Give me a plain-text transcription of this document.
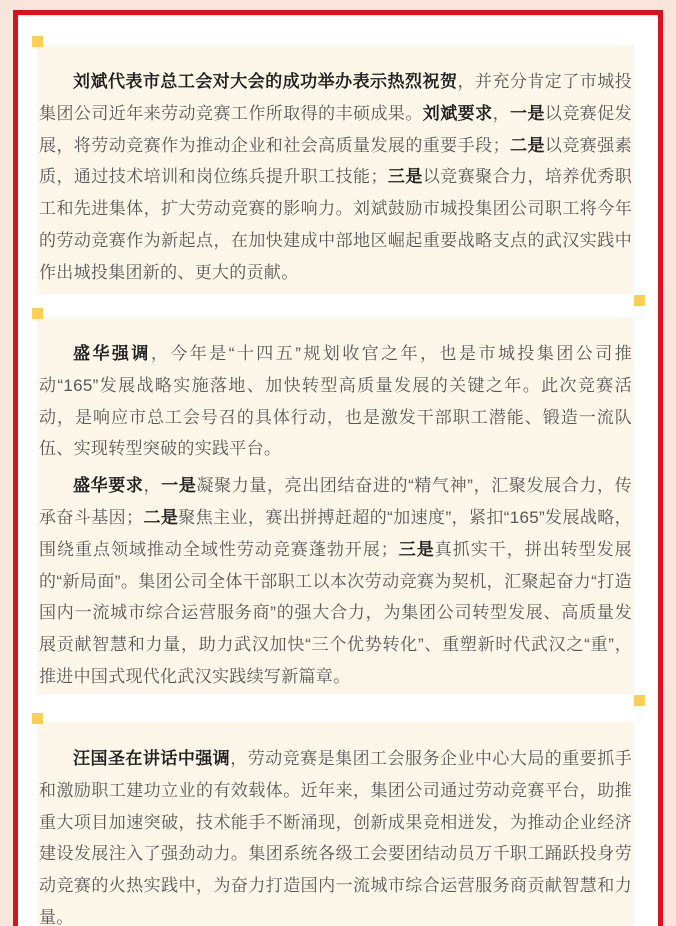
刘斌代表市总工会对大会的成功举办表示热烈祝贺，并充分肯定了市城投集团公司近年来劳动竞赛工作所取得的丰硕成果。刘斌要求，一是以竞赛促发展，将劳动竞赛作为推动企业和社会高质量发展的重要手段；二是以竞赛强素质，通过技术培训和岗位练兵提升职工技能；三是以竞赛聚合力，培养优秀职工和先进集体，扩大劳动竞赛的影响力。刘斌鼓励市城投集团公司职工将今年的劳动竞赛作为新起点，在加快建成中部地区崛起重要战略支点的武汉实践中作出城投集团新的、更大的贡献。

盛华强调，今年是“十四五”规划收官之年，也是市城投集团公司推动“165”发展战略实施落地、加快转型高质量发展的关键之年。此次竞赛活动，是响应市总工会号召的具体行动，也是激发干部职工潜能、锻造一流队伍、实现转型突破的实践平台。

盛华要求，一是凝聚力量，亮出团结奋进的“精气神”，汇聚发展合力，传承奋斗基因；二是聚焦主业，赛出拼搏赶超的“加速度”，紧扣“165”发展战略，围绕重点领域推动全域性劳动竞赛蓬勃开展；三是真抓实干，拼出转型发展的“新局面”。集团公司全体干部职工以本次劳动竞赛为契机，汇聚起奋力“打造国内一流城市综合运营服务商”的强大合力，为集团公司转型发展、高质量发展贡献智慧和力量，助力武汉加快“三个优势转化”、重塑新时代武汉之“重”，推进中国式现代化武汉实践续写新篇章。

汪国圣在讲话中强调，劳动竞赛是集团工会服务企业中心大局的重要抓手和激励职工建功立业的有效载体。近年来，集团公司通过劳动竞赛平台，助推重大项目加速突破，技术能手不断涌现，创新成果竞相迸发，为推动企业经济建设发展注入了强劲动力。集团系统各级工会要团结动员万千职工踊跃投身劳动竞赛的火热实践中，为奋力打造国内一流城市综合运营服务商贡献智慧和力量。
